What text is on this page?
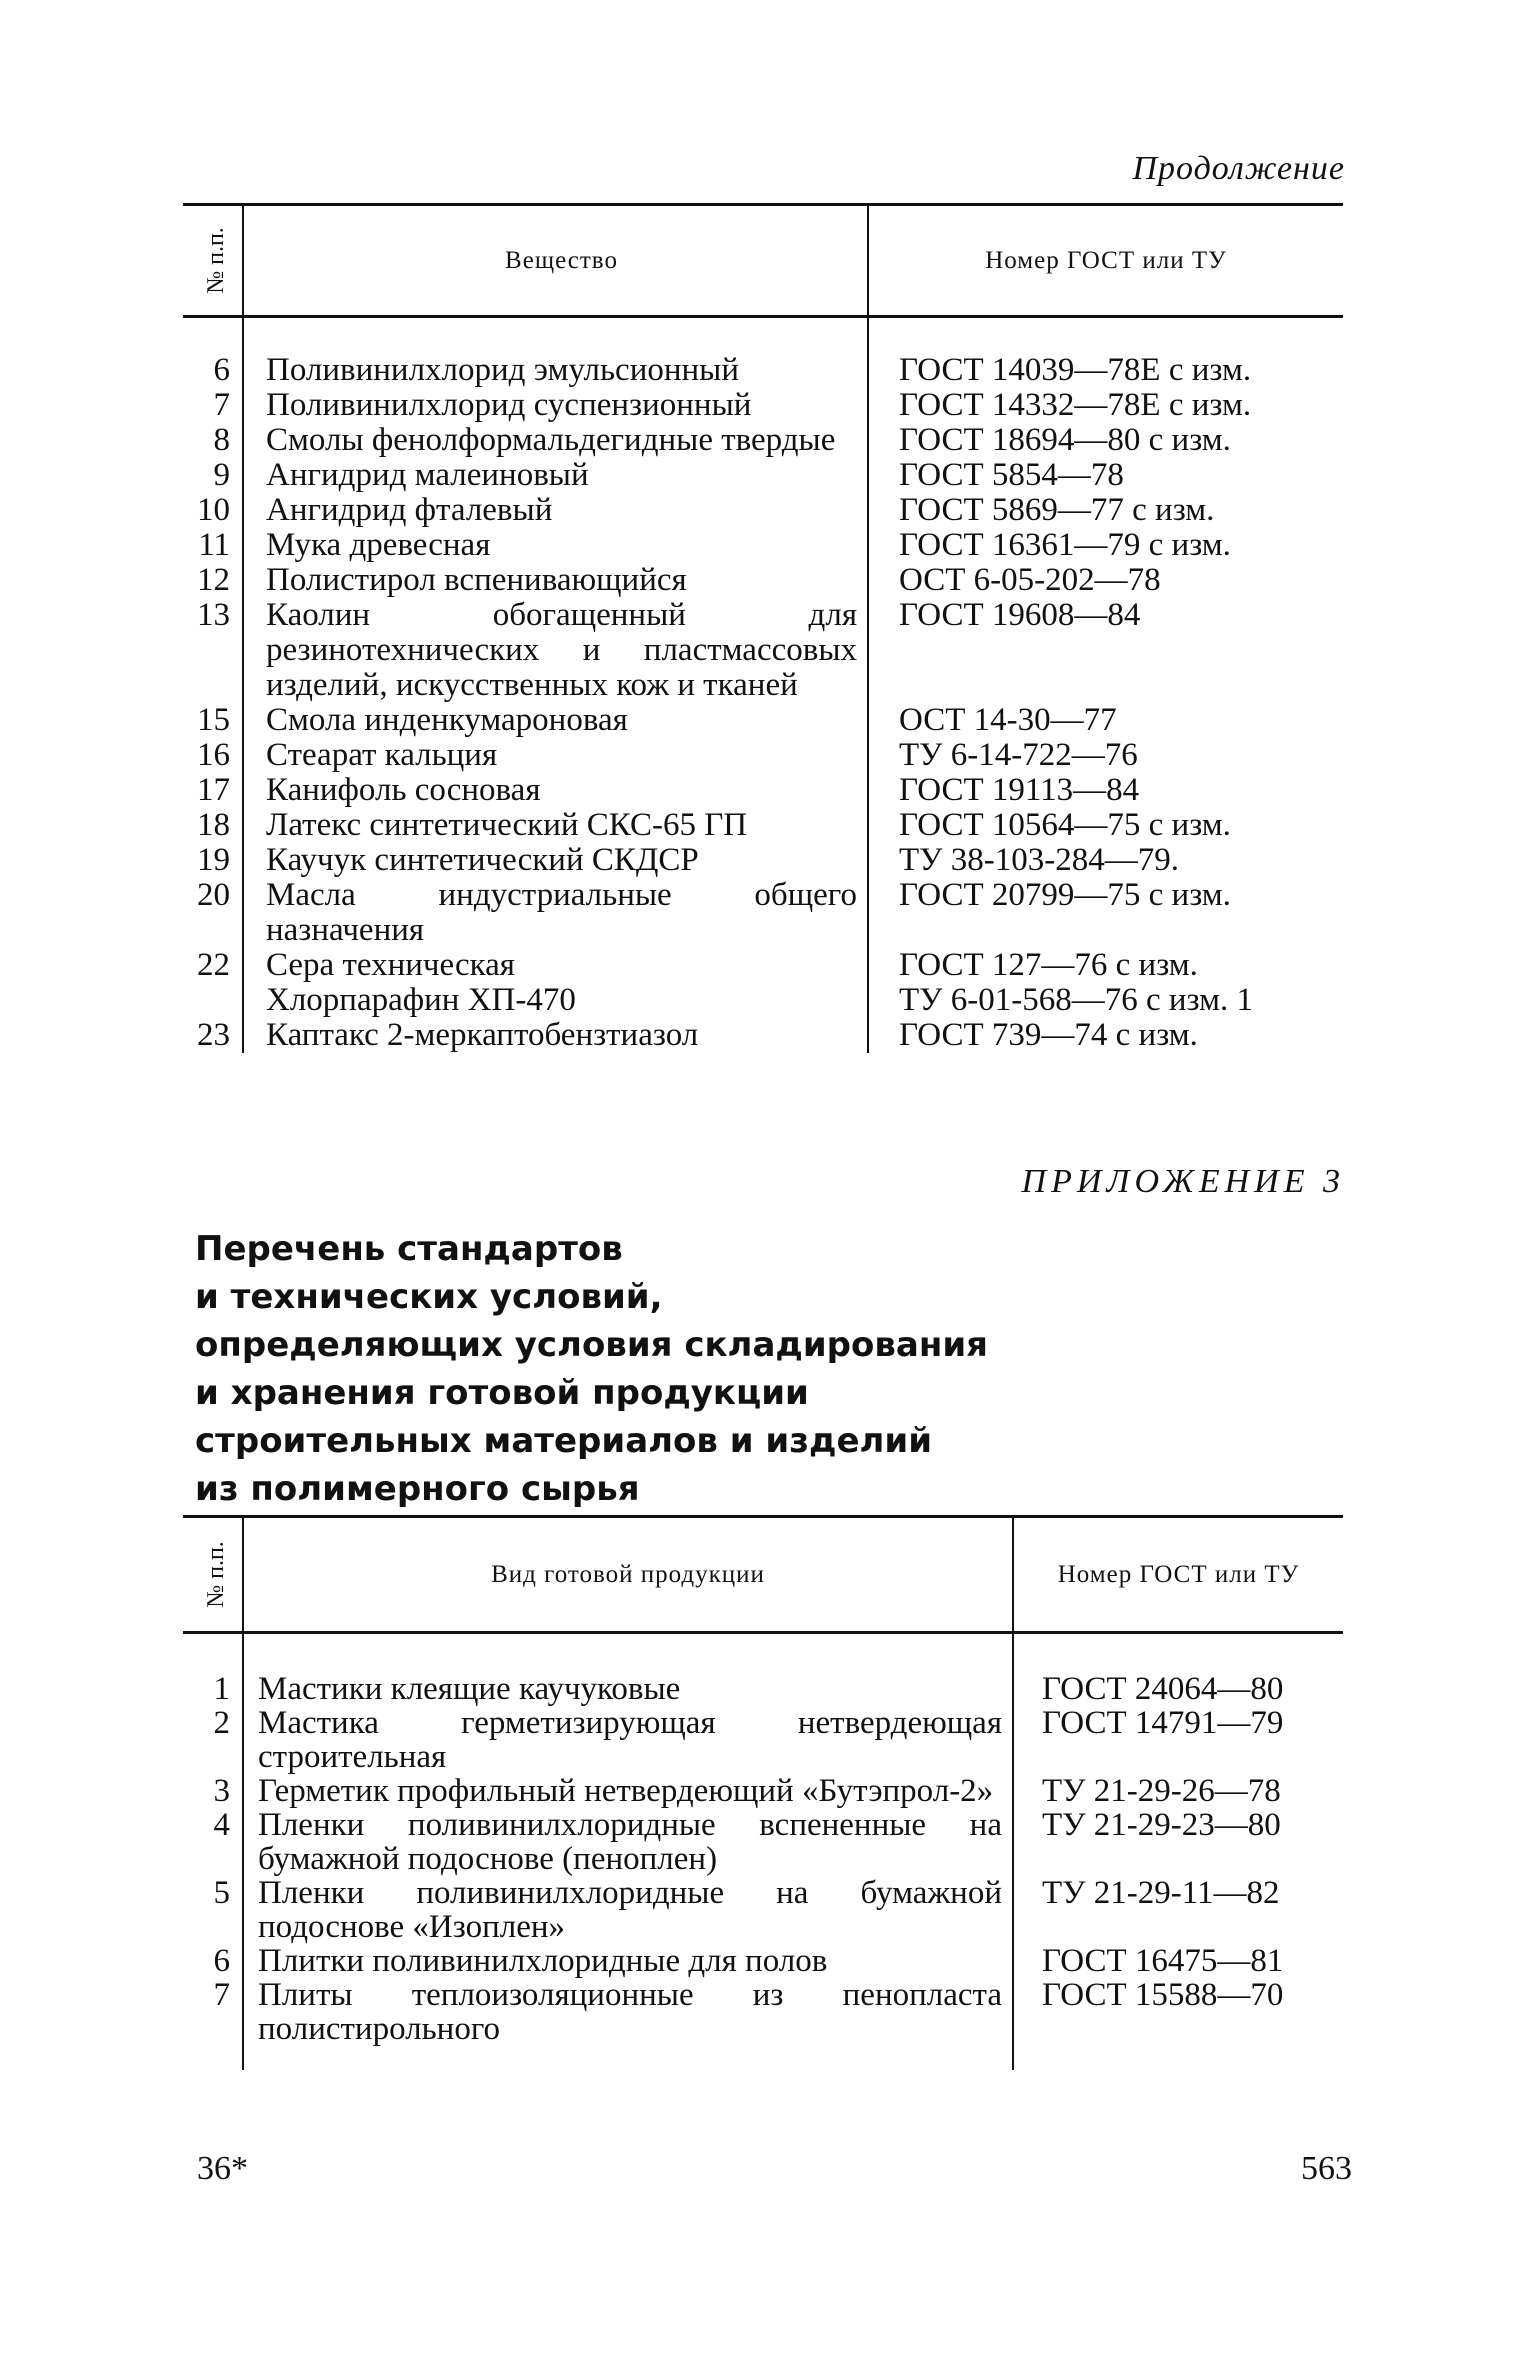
Продолжение
№ п.п.	Вещество	Номер ГОСТ или ТУ

6	Поливинилхлорид эмульсионный	ГОСТ 14039—78Е с изм.
7	Поливинилхлорид суспензионный	ГОСТ 14332—78Е с изм.
8	Смолы фенолформальдегидные твердые	ГОСТ 18694—80 с изм.
9	Ангидрид малеиновый	ГОСТ 5854—78
10	Ангидрид фталевый	ГОСТ 5869—77 с изм.
11	Мука древесная	ГОСТ 16361—79 с изм.
12	Полистирол вспенивающийся	ОСТ 6-05-202—78
13	Каолин обогащенный для резинотехнических и пластмассовых изделий, искусственных кож и тканей	ГОСТ 19608—84
15	Смола инденкумароновая	ОСТ 14-30—77
16	Стеарат кальция	ТУ 6-14-722—76
17	Канифоль сосновая	ГОСТ 19113—84
18	Латекс синтетический СКС-65 ГП	ГОСТ 10564—75 с изм.
19	Каучук синтетический СКДСР	ТУ 38-103-284—79.
20	Масла индустриальные общего назначения	ГОСТ 20799—75 с изм.
22	Сера техническая	ГОСТ 127—76 с изм.
	Хлорпарафин ХП-470	ТУ 6-01-568—76 с изм. 1
23	Каптакс 2-меркаптобензтиазол	ГОСТ 739—74 с изм.
ПРИЛОЖЕНИЕ 3
Перечень стандартов
и технических условий,
определяющих условия складирования
и хранения готовой продукции
строительных материалов и изделий
из полимерного сырья
№ п.п.	Вид готовой продукции	Номер ГОСТ или ТУ

1	Мастики клеящие каучуковые	ГОСТ 24064—80
2	Мастика герметизирующая нетвердеющая строительная	ГОСТ 14791—79
3	Герметик профильный нетвердеющий «Бутэпрол-2»	ТУ 21-29-26—78
4	Пленки поливинилхлоридные вспененные на бумажной подоснове (пеноплен)	ТУ 21-29-23—80
5	Пленки поливинилхлоридные на бумажной подоснове «Изоплен»	ТУ 21-29-11—82
6	Плитки поливинилхлоридные для полов	ГОСТ 16475—81
7	Плиты теплоизоляционные из пенопласта полистирольного	ГОСТ 15588—70

36*	563
